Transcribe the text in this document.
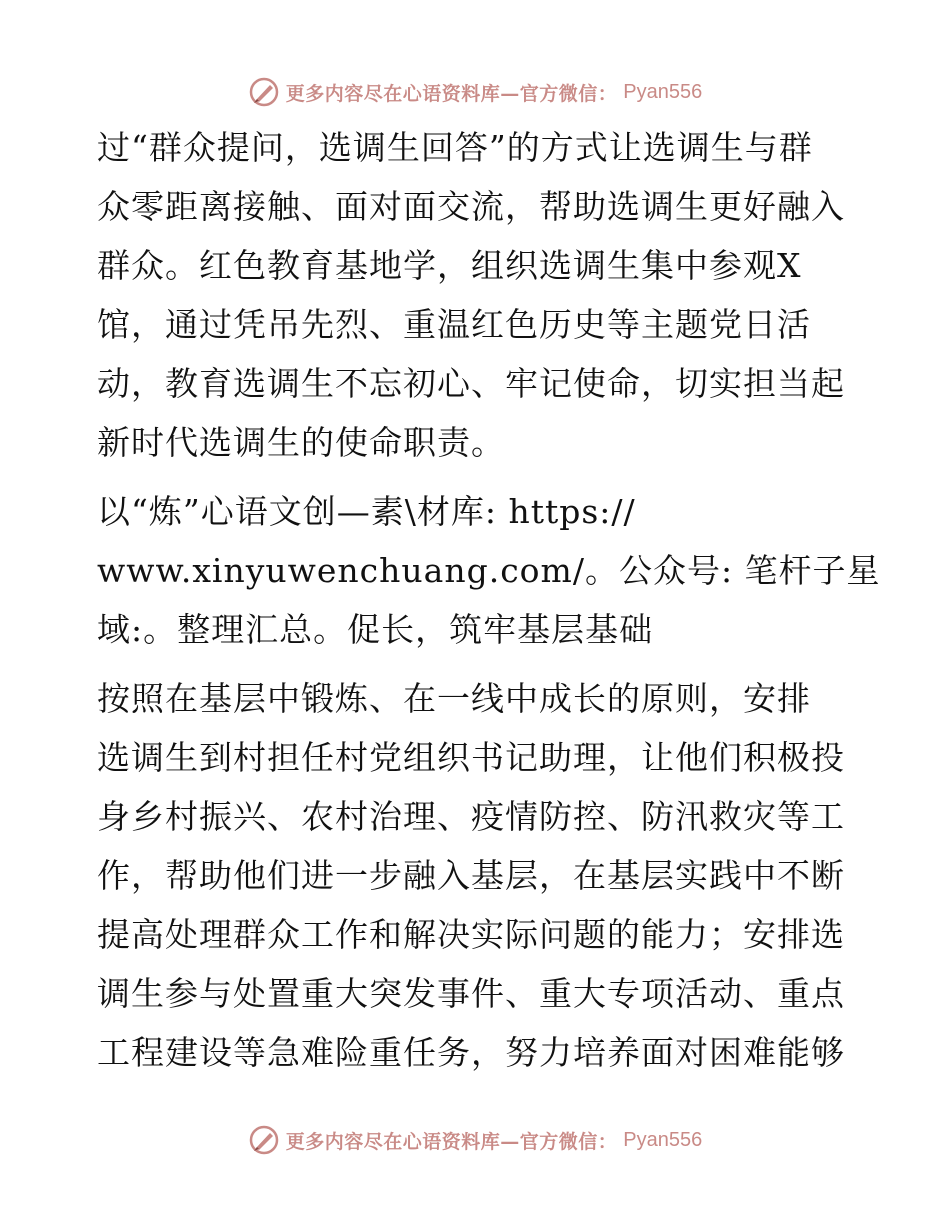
更多内容尽在心语资料库—官方微信： Pyan556
过“群众提问，选调生回答”的方式让选调生与群
众零距离接触、面对面交流，帮助选调生更好融入
群众。红色教育基地学，组织选调生集中参观X
馆，通过凭吊先烈、重温红色历史等主题党日活
动，教育选调生不忘初心、牢记使命，切实担当起
新时代选调生的使命职责。
以“炼”心语文创—素\材库: https://
www.xinyuwenchuang.com/。公众号: 笔杆子星
域:。整理汇总。促长，筑牢基层基础
按照在基层中锻炼、在一线中成长的原则，安排
选调生到村担任村党组织书记助理，让他们积极投
身乡村振兴、农村治理、疫情防控、防汛救灾等工
作，帮助他们进一步融入基层，在基层实践中不断
提高处理群众工作和解决实际问题的能力；安排选
调生参与处置重大突发事件、重大专项活动、重点
工程建设等急难险重任务，努力培养面对困难能够
更多内容尽在心语资料库—官方微信： Pyan556
